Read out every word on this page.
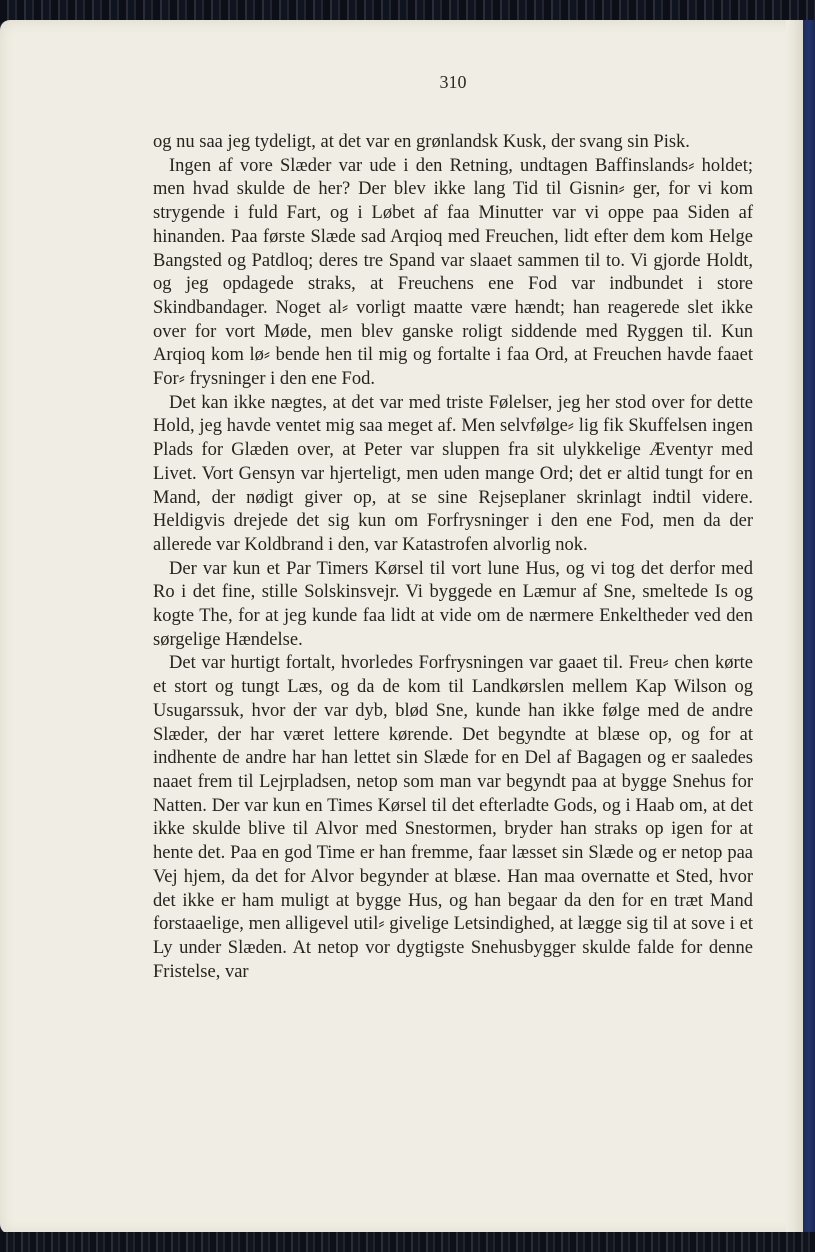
310

og nu saa jeg tydeligt, at det var en grønlandsk Kusk, der svang sin Pisk.

Ingen af vore Slæder var ude i den Retning, undtagen Baffinslands⸗ holdet; men hvad skulde de her? Der blev ikke lang Tid til Gisnin⸗ ger, for vi kom strygende i fuld Fart, og i Løbet af faa Minutter var vi oppe paa Siden af hinanden. Paa første Slæde sad Arqioq med Freuchen, lidt efter dem kom Helge Bangsted og Patdloq; deres tre Spand var slaaet sammen til to. Vi gjorde Holdt, og jeg opdagede straks, at Freuchens ene Fod var indbundet i store Skindbandager. Noget al⸗ vorligt maatte være hændt; han reagerede slet ikke over for vort Møde, men blev ganske roligt siddende med Ryggen til. Kun Arqioq kom lø⸗ bende hen til mig og fortalte i faa Ord, at Freuchen havde faaet For⸗ frysninger i den ene Fod.

Det kan ikke nægtes, at det var med triste Følelser, jeg her stod over for dette Hold, jeg havde ventet mig saa meget af. Men selvfølge⸗ lig fik Skuffelsen ingen Plads for Glæden over, at Peter var sluppen fra sit ulykkelige Æventyr med Livet. Vort Gensyn var hjerteligt, men uden mange Ord; det er altid tungt for en Mand, der nødigt giver op, at se sine Rejseplaner skrinlagt indtil videre. Heldigvis drejede det sig kun om Forfrysninger i den ene Fod, men da der allerede var Koldbrand i den, var Katastrofen alvorlig nok.

Der var kun et Par Timers Kørsel til vort lune Hus, og vi tog det derfor med Ro i det fine, stille Solskinsvejr. Vi byggede en Læmur af Sne, smeltede Is og kogte The, for at jeg kunde faa lidt at vide om de nærmere Enkeltheder ved den sørgelige Hændelse.

Det var hurtigt fortalt, hvorledes Forfrysningen var gaaet til. Freu⸗ chen kørte et stort og tungt Læs, og da de kom til Landkørslen mellem Kap Wilson og Usugarssuk, hvor der var dyb, blød Sne, kunde han ikke følge med de andre Slæder, der har været lettere kørende. Det begyndte at blæse op, og for at indhente de andre har han lettet sin Slæde for en Del af Bagagen og er saaledes naaet frem til Lejrpladsen, netop som man var begyndt paa at bygge Snehus for Natten. Der var kun en Times Kørsel til det efterladte Gods, og i Haab om, at det ikke skulde blive til Alvor med Snestormen, bryder han straks op igen for at hente det. Paa en god Time er han fremme, faar læsset sin Slæde og er netop paa Vej hjem, da det for Alvor begynder at blæse. Han maa overnatte et Sted, hvor det ikke er ham muligt at bygge Hus, og han begaar da den for en træt Mand forstaaelige, men alligevel util⸗ givelige Letsindighed, at lægge sig til at sove i et Ly under Slæden. At netop vor dygtigste Snehusbygger skulde falde for denne Fristelse, var
